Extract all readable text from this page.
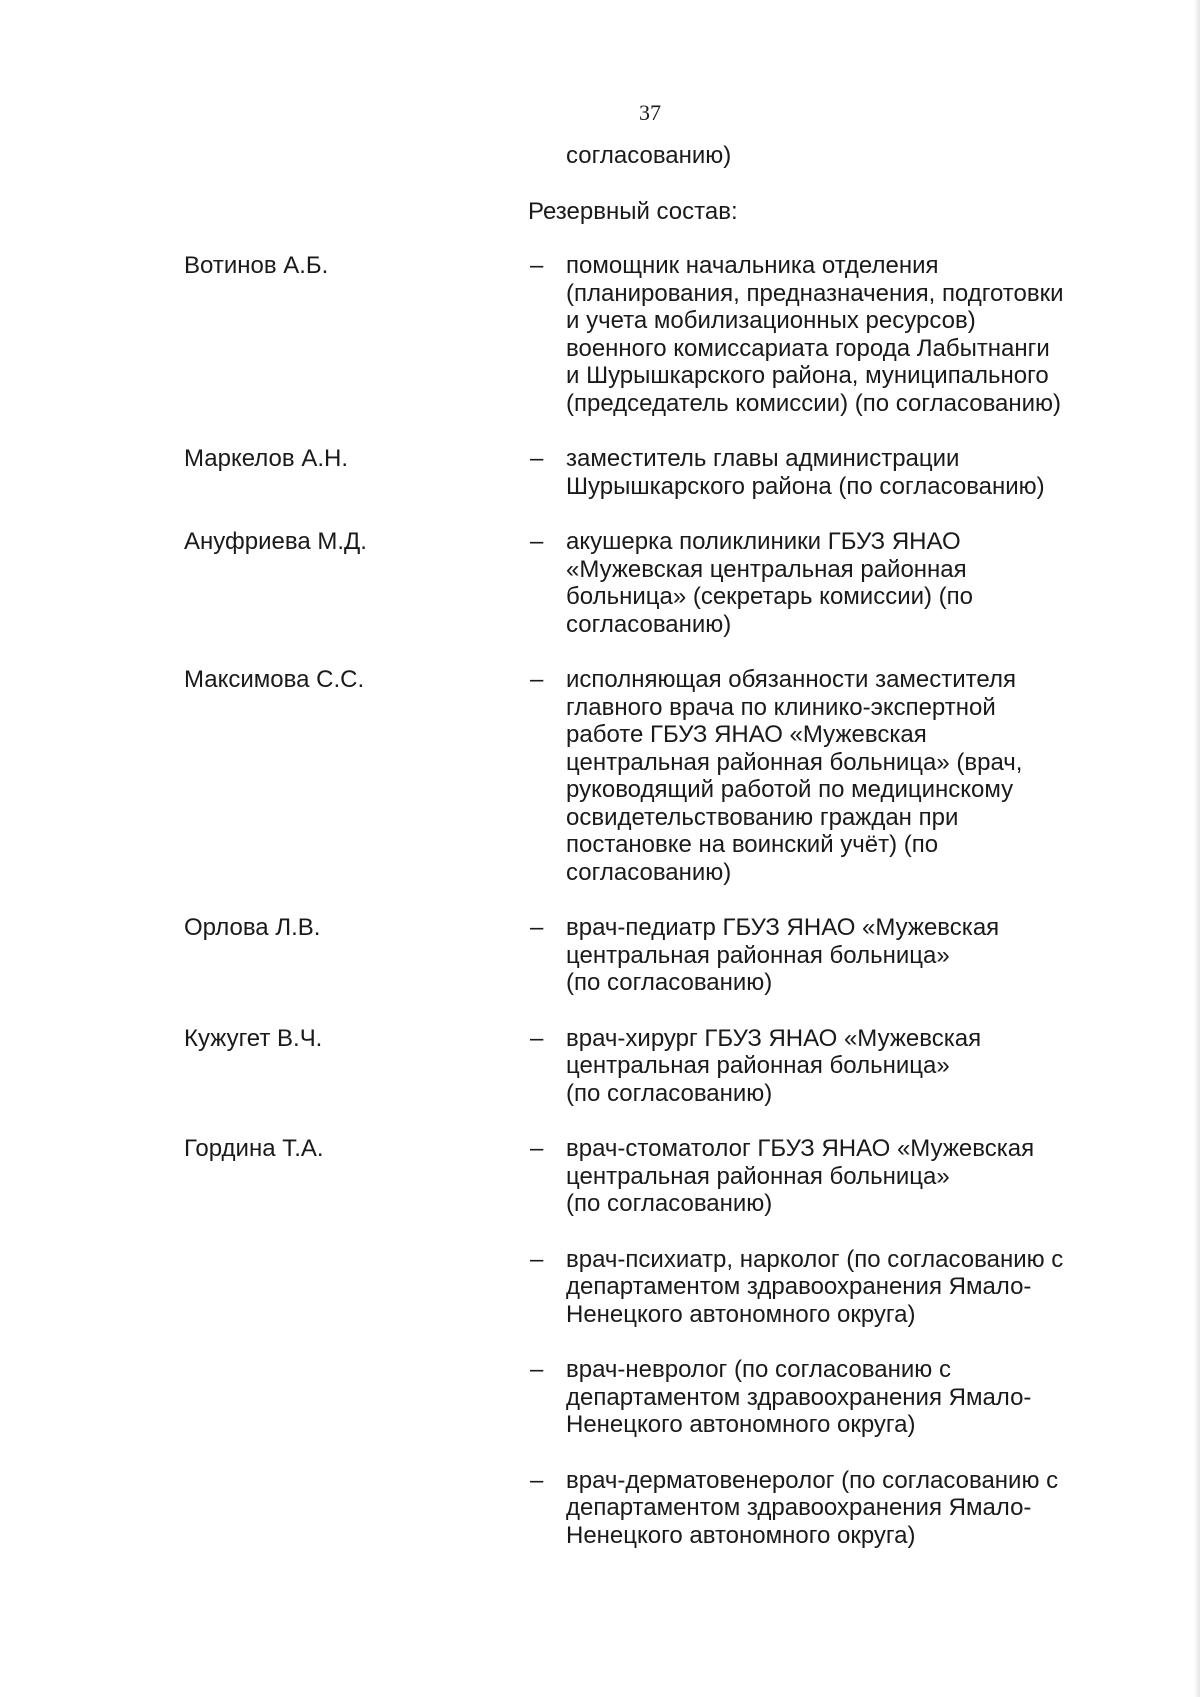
37
согласованию)
Резервный состав:
Вотинов А.Б.	– помощник начальника отделения
(планирования, предназначения, подготовки
и учета мобилизационных ресурсов)
военного комиссариата города Лабытнанги
и Шурышкарского района, муниципального
(председатель комиссии) (по согласованию)
Маркелов А.Н.	– заместитель главы администрации
Шурышкарского района (по согласованию)
Ануфриева М.Д.	– акушерка поликлиники ГБУЗ ЯНАО
«Мужевская центральная районная
больница» (секретарь комиссии) (по
согласованию)
Максимова С.С.	– исполняющая обязанности заместителя
главного врача по клинико-экспертной
работе ГБУЗ ЯНАО «Мужевская
центральная районная больница» (врач,
руководящий работой по медицинскому
освидетельствованию граждан при
постановке на воинский учёт) (по
согласованию)
Орлова Л.В.	– врач-педиатр ГБУЗ ЯНАО «Мужевская
центральная районная больница»
(по согласованию)
Кужугет В.Ч.	– врач-хирург ГБУЗ ЯНАО «Мужевская
центральная районная больница»
(по согласованию)
Гордина Т.А.	– врач-стоматолог ГБУЗ ЯНАО «Мужевская
центральная районная больница»
(по согласованию)
– врач-психиатр, нарколог (по согласованию с
департаментом здравоохранения Ямало-
Ненецкого автономного округа)
– врач-невролог (по согласованию с
департаментом здравоохранения Ямало-
Ненецкого автономного округа)
– врач-дерматовенеролог (по согласованию с
департаментом здравоохранения Ямало-
Ненецкого автономного округа)
